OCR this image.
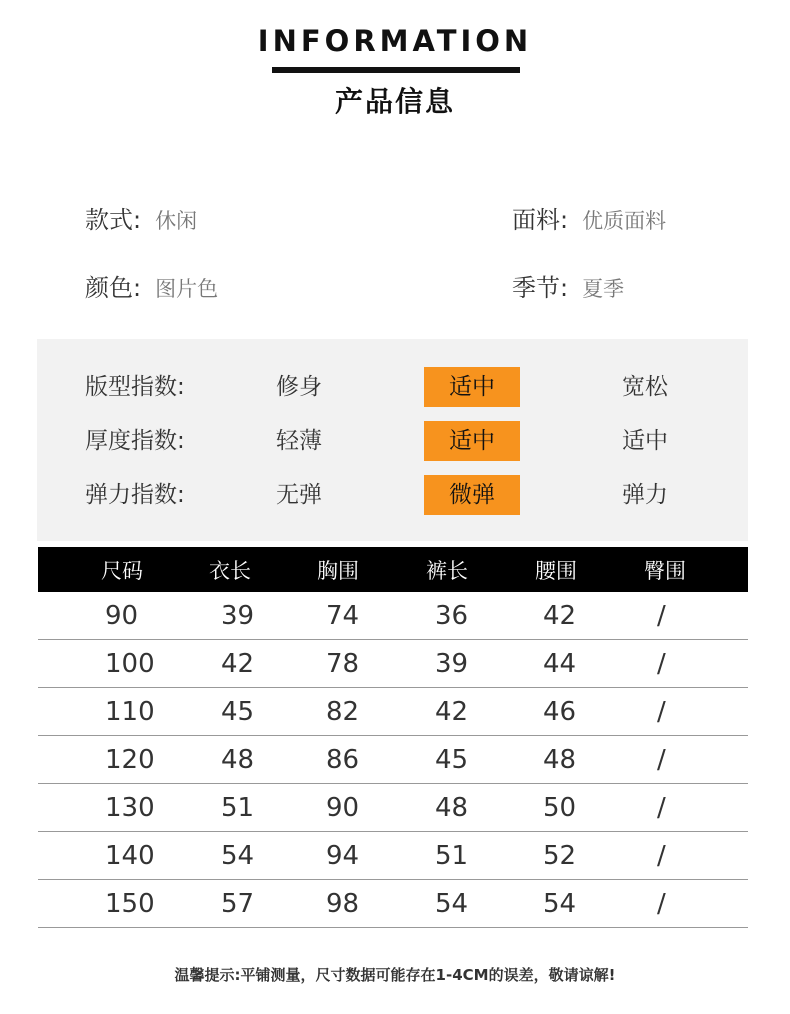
INFORMATION
产品信息
款式: 休闲	面料: 优质面料
颜色: 图片色	季节: 夏季
版型指数:	修身	适中	宽松
厚度指数:	轻薄	适中	适中
弹力指数:	无弹	微弹	弹力
尺码	衣长	胸围	裤长	腰围	臀围
90	39	74	36	42	/
100	42	78	39	44	/
110	45	82	42	46	/
120	48	86	45	48	/
130	51	90	48	50	/
140	54	94	51	52	/
150	57	98	54	54	/
温馨提示:平铺测量，尺寸数据可能存在1-4CM的误差，敬请谅解!
